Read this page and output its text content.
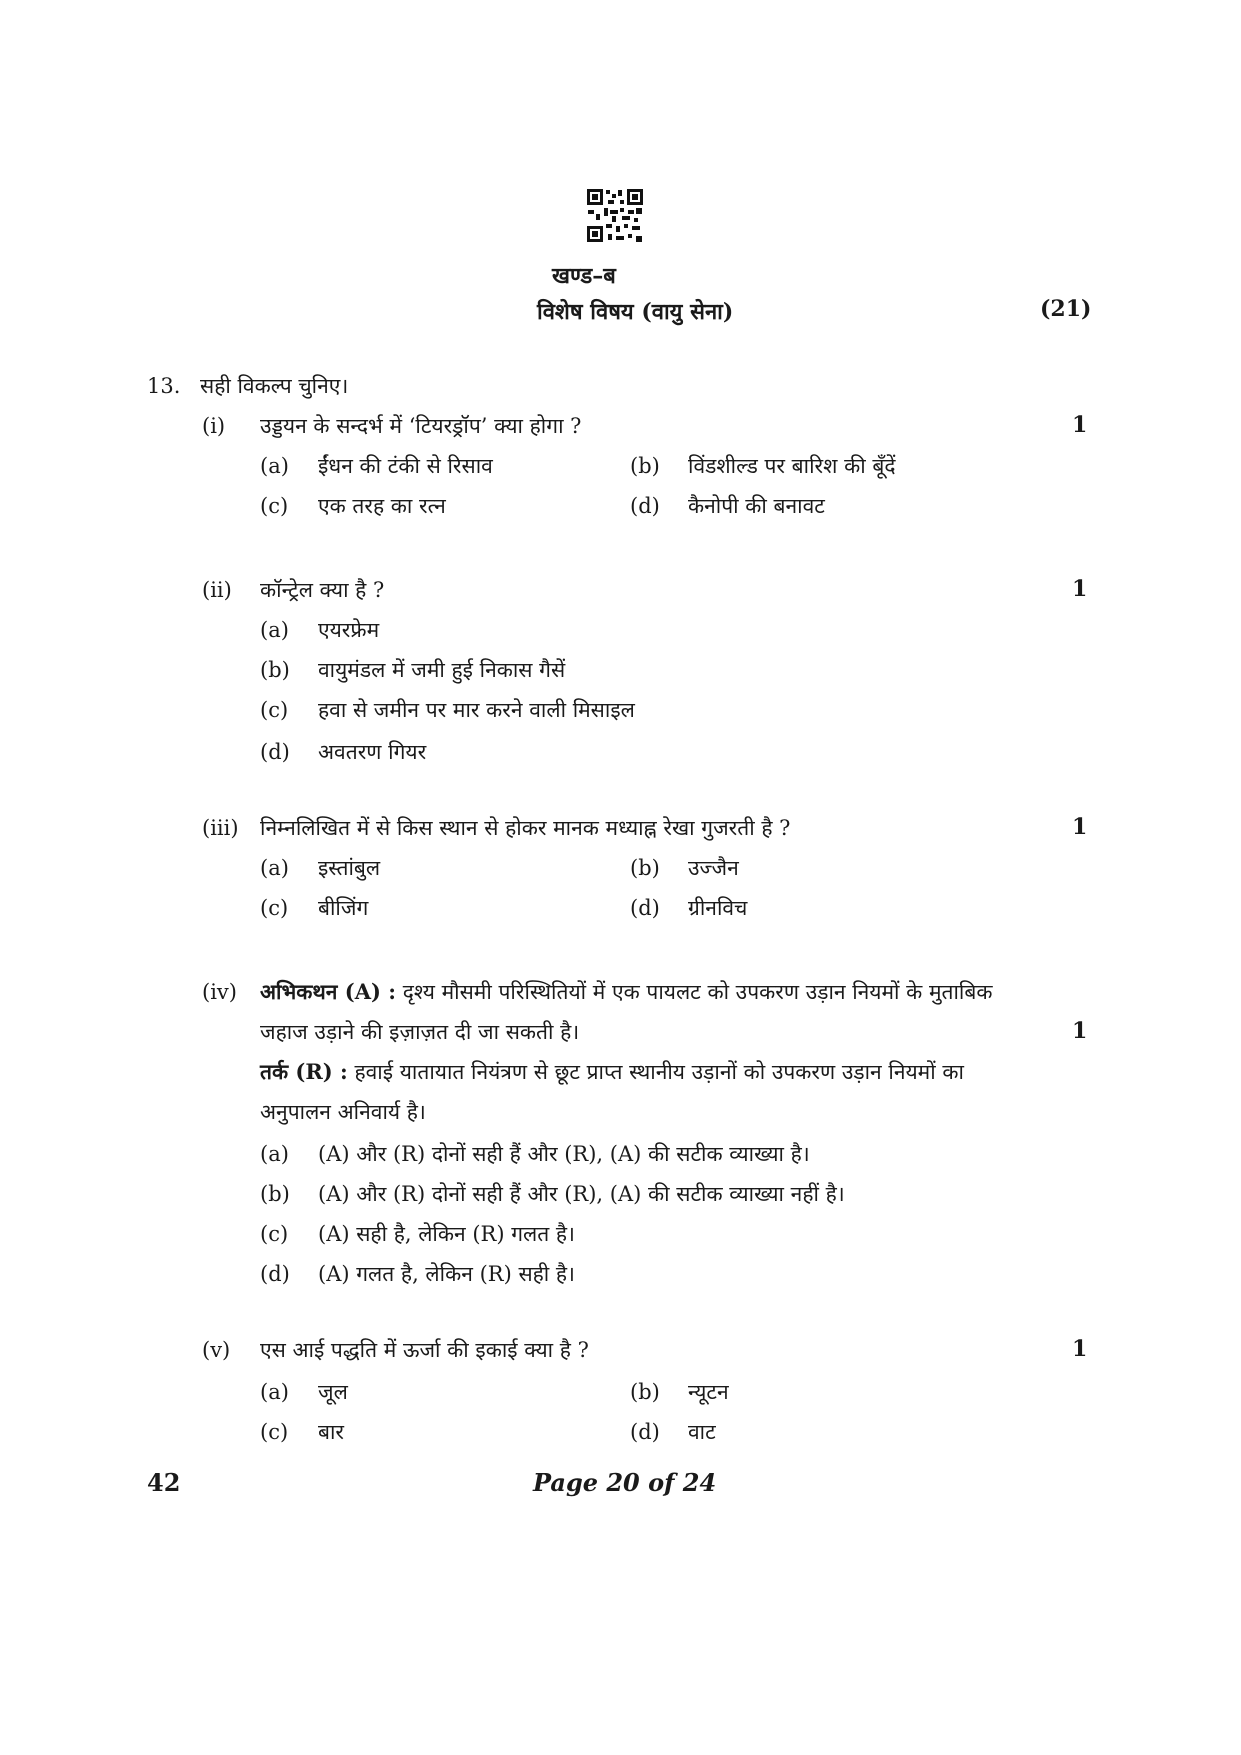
खण्ड–ब
विशेष विषय (वायु सेना)	(21)
13. सही विकल्प चुनिए।
(i) उड्डयन के सन्दर्भ में ‘टियरड्रॉप’ क्या होगा ?	1
(a) ईंधन की टंकी से रिसाव	(b) विंडशील्ड पर बारिश की बूँदें
(c) एक तरह का रत्न	(d) कैनोपी की बनावट
(ii) कॉन्ट्रेल क्या है ?	1
(a) एयरफ्रेम
(b) वायुमंडल में जमी हुई निकास गैसें
(c) हवा से जमीन पर मार करने वाली मिसाइल
(d) अवतरण गियर
(iii) निम्नलिखित में से किस स्थान से होकर मानक मध्याह्न रेखा गुजरती है ?	1
(a) इस्तांबुल	(b) उज्जैन
(c) बीजिंग	(d) ग्रीनविच
(iv) अभिकथन (A) : दृश्य मौसमी परिस्थितियों में एक पायलट को उपकरण उड़ान नियमों के मुताबिक
जहाज उड़ाने की इज़ाज़त दी जा सकती है।	1
तर्क (R) : हवाई यातायात नियंत्रण से छूट प्राप्त स्थानीय उड़ानों को उपकरण उड़ान नियमों का
अनुपालन अनिवार्य है।
(a) (A) और (R) दोनों सही हैं और (R), (A) की सटीक व्याख्या है।
(b) (A) और (R) दोनों सही हैं और (R), (A) की सटीक व्याख्या नहीं है।
(c) (A) सही है, लेकिन (R) गलत है।
(d) (A) गलत है, लेकिन (R) सही है।
(v) एस आई पद्धति में ऊर्जा की इकाई क्या है ?	1
(a) जूल	(b) न्यूटन
(c) बार	(d) वाट
42	Page 20 of 24
